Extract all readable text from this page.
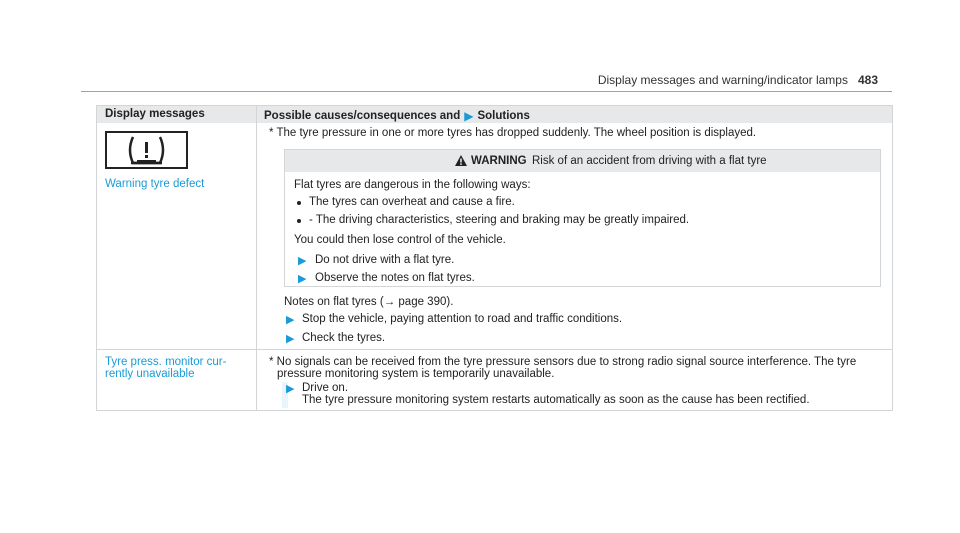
Display messages and warning/indicator lamps 483
Display messages	Possible causes/consequences and ▶ Solutions
Warning tyre defect
* The tyre pressure in one or more tyres has dropped suddenly. The wheel position is displayed.
WARNING Risk of an accident from driving with a flat tyre
Flat tyres are dangerous in the following ways:
The tyres can overheat and cause a fire.
- The driving characteristics, steering and braking may be greatly impaired.
You could then lose control of the vehicle.
▶ Do not drive with a flat tyre.
▶ Observe the notes on flat tyres.
Notes on flat tyres (→ page 390).
▶ Stop the vehicle, paying attention to road and traffic conditions.
▶ Check the tyres.
Tyre press. monitor cur-
rently unavailable
* No signals can be received from the tyre pressure sensors due to strong radio signal source interference. The tyre
pressure monitoring system is temporarily unavailable.
▶ Drive on.
The tyre pressure monitoring system restarts automatically as soon as the cause has been rectified.
